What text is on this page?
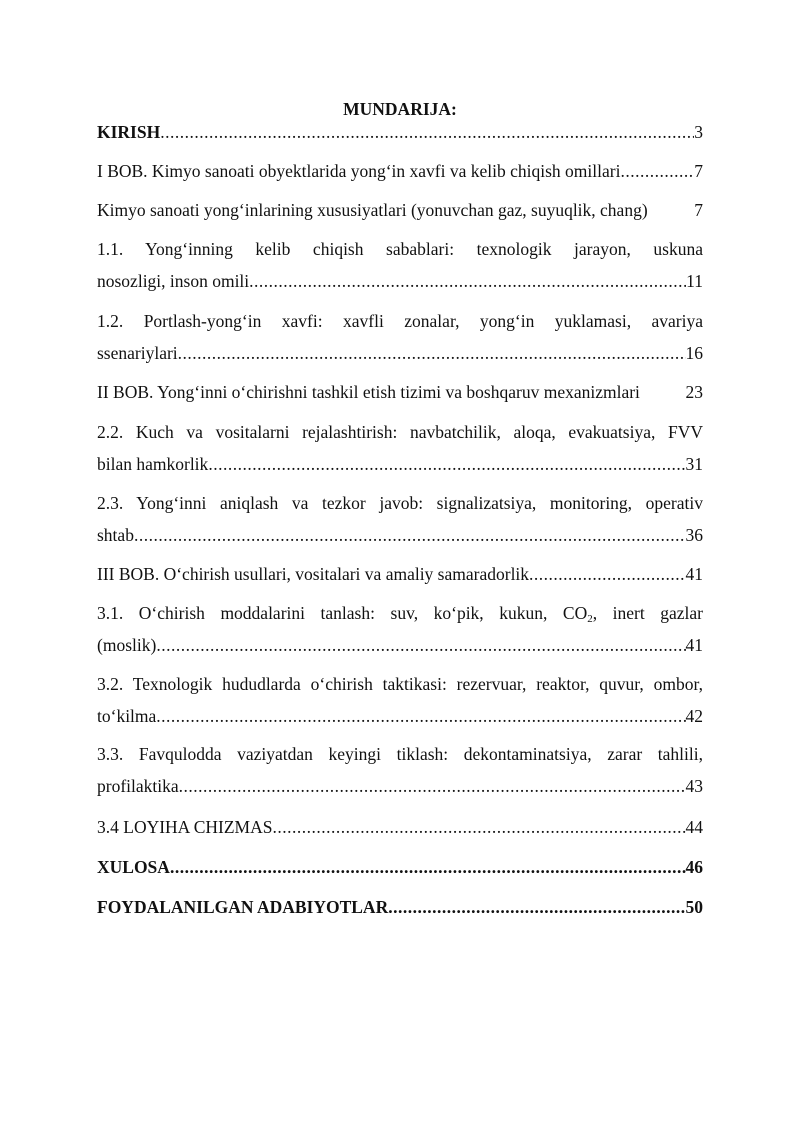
MUNDARIJA:
KIRISH .....	3
I BOB. Kimyo sanoati obyektlarida yong‘in xavfi va kelib chiqish omillari .....	7
Kimyo sanoati yong‘inlarining xususiyatlari (yonuvchan gaz, suyuqlik, chang)	7
1.1. Yong‘inning kelib chiqish sabablari: texnologik jarayon, uskuna
nosozligi, inson omili .....	11
1.2. Portlash-yong‘in xavfi: xavfli zonalar, yong‘in yuklamasi, avariya
ssenariylari .....	16
II BOB. Yong‘inni o‘chirishni tashkil etish tizimi va boshqaruv mexanizmlari	23
2.2. Kuch va vositalarni rejalashtirish: navbatchilik, aloqa, evakuatsiya, FVV
bilan hamkorlik .....	31
2.3. Yong‘inni aniqlash va tezkor javob: signalizatsiya, monitoring, operativ
shtab .....	36
III BOB. O‘chirish usullari, vositalari va amaliy samaradorlik .....	41
3.1. O‘chirish moddalarini tanlash: suv, ko‘pik, kukun, $CO_2$, inert gazlar
(moslik) .....	41
3.2. Texnologik hududlarda o‘chirish taktikasi: rezervuar, reaktor, quvur, ombor,
to‘kilma .....	42
3.3. Favqulodda vaziyatdan keyingi tiklash: dekontaminatsiya, zarar tahlili,
profilaktika .....	43
3.4 LOYIHA CHIZMAS .....	44
XULOSA .....	46
FOYDALANILGAN ADABIYOTLAR .....	50
